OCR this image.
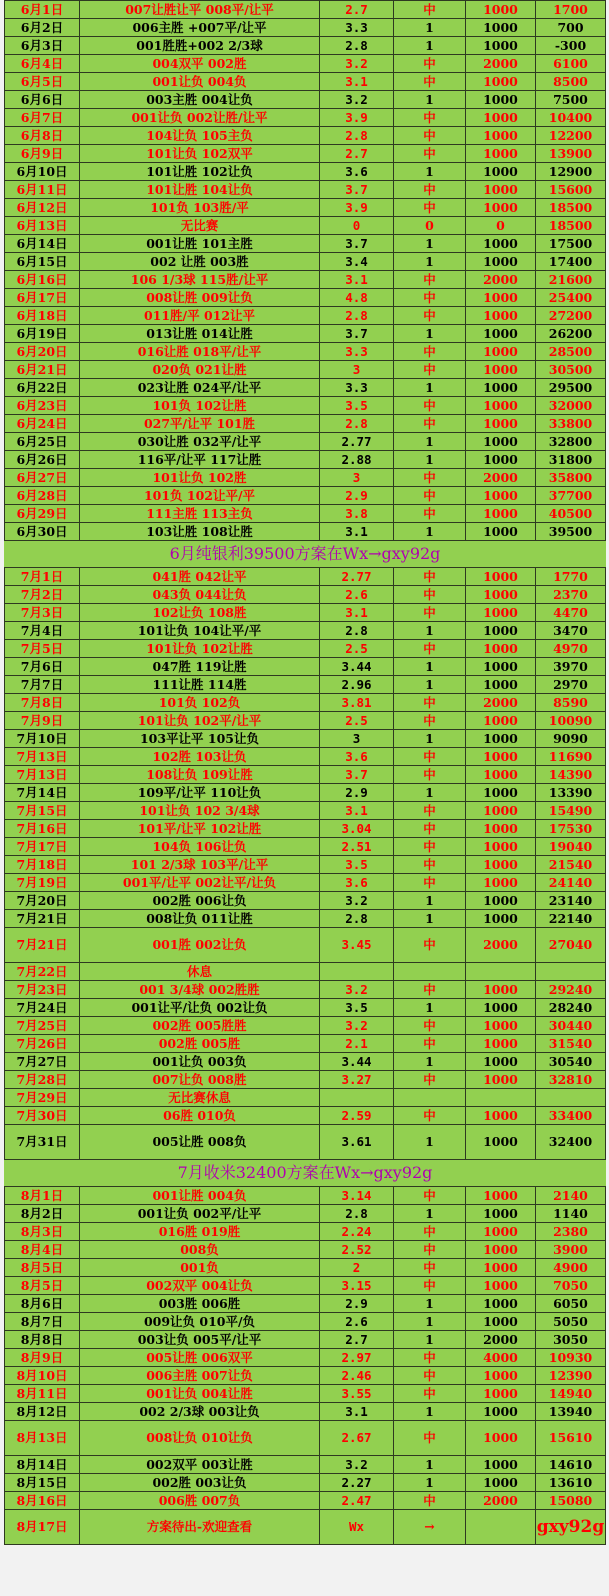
6月1日	007让胜让平 008平/让平	2.7	中	1000	1700
6月2日	006主胜 +007平/让平	3.3	1	1000	700
6月3日	001胜胜+002 2/3球	2.8	1	1000	-300
6月4日	004双平 002胜	3.2	中	2000	6100
6月5日	001让负 004负	3.1	中	1000	8500
6月6日	003主胜 004让负	3.2	1	1000	7500
6月7日	001让负 002让胜/让平	3.9	中	1000	10400
6月8日	104让负 105主负	2.8	中	1000	12200
6月9日	101让负 102双平	2.7	中	1000	13900
6月10日	101让胜 102让负	3.6	1	1000	12900
6月11日	101让胜 104让负	3.7	中	1000	15600
6月12日	101负 103胜/平	3.9	中	1000	18500
6月13日	无比赛	0	0	0	18500
6月14日	001让胜 101主胜	3.7	1	1000	17500
6月15日	002 让胜 003胜	3.4	1	1000	17400
6月16日	106 1/3球 115胜/让平	3.1	中	2000	21600
6月17日	008让胜 009让负	4.8	中	1000	25400
6月18日	011胜/平 012让平	2.8	中	1000	27200
6月19日	013让胜 014让胜	3.7	1	1000	26200
6月20日	016让胜 018平/让平	3.3	中	1000	28500
6月21日	020负 021让胜	3	中	1000	30500
6月22日	023让胜 024平/让平	3.3	1	1000	29500
6月23日	101负 102让胜	3.5	中	1000	32000
6月24日	027平/让平 101胜	2.8	中	1000	33800
6月25日	030让胜 032平/让平	2.77	1	1000	32800
6月26日	116平/让平 117让胜	2.88	1	1000	31800
6月27日	101让负 102胜	3	中	2000	35800
6月28日	101负 102让平/平	2.9	中	1000	37700
6月29日	111主胜 113主负	3.8	中	1000	40500
6月30日	103让胜 108让胜	3.1	1	1000	39500
6月纯银利39500方案在Wx→gxy92g					
7月1日	041胜 042让平	2.77	中	1000	1770
7月2日	043负 044让负	2.6	中	1000	2370
7月3日	102让负 108胜	3.1	中	1000	4470
7月4日	101让负 104让平/平	2.8	1	1000	3470
7月5日	101让负 102让胜	2.5	中	1000	4970
7月6日	047胜 119让胜	3.44	1	1000	3970
7月7日	111让胜 114胜	2.96	1	1000	2970
7月8日	101负 102负	3.81	中	2000	8590
7月9日	101让负 102平/让平	2.5	中	1000	10090
7月10日	103平让平 105让负	3	1	1000	9090
7月13日	102胜 103让负	3.6	中	1000	11690
7月13日	108让负 109让胜	3.7	中	1000	14390
7月14日	109平/让平 110让负	2.9	1	1000	13390
7月15日	101让负 102 3/4球	3.1	中	1000	15490
7月16日	101平/让平 102让胜	3.04	中	1000	17530
7月17日	104负 106让负	2.51	中	1000	19040
7月18日	101 2/3球 103平/让平	3.5	中	1000	21540
7月19日	001平/让平 002让平/让负	3.6	中	1000	24140
7月20日	002胜 006让负	3.2	1	1000	23140
7月21日	008让负 011让胜	2.8	1	1000	22140
7月21日	001胜 002让负	3.45	中	2000	27040
7月22日	休息				
7月23日	001 3/4球 002胜胜	3.2	中	1000	29240
7月24日	001让平/让负 002让负	3.5	1	1000	28240
7月25日	002胜 005胜胜	3.2	中	1000	30440
7月26日	002胜 005胜	2.1	中	1000	31540
7月27日	001让负 003负	3.44	1	1000	30540
7月28日	007让负 008胜	3.27	中	1000	32810
7月29日	无比赛休息				
7月30日	06胜 010负	2.59	中	1000	33400
7月31日	005让胜 008负	3.61	1	1000	32400
7月收米32400方案在Wx→gxy92g					
8月1日	001让胜 004负	3.14	中	1000	2140
8月2日	001让负 002平/让平	2.8	1	1000	1140
8月3日	016胜 019胜	2.24	中	1000	2380
8月4日	008负	2.52	中	1000	3900
8月5日	001负	2	中	1000	4900
8月5日	002双平 004让负	3.15	中	1000	7050
8月6日	003胜 006胜	2.9	1	1000	6050
8月7日	009让负 010平/负	2.6	1	1000	5050
8月8日	003让负 005平/让平	2.7	1	2000	3050
8月9日	005让胜 006双平	2.97	中	4000	10930
8月10日	006主胜 007让负	2.46	中	1000	12390
8月11日	001让负 004让胜	3.55	中	1000	14940
8月12日	002 2/3球 003让负	3.1	1	1000	13940
8月13日	008让负 010让负	2.67	中	1000	15610
8月14日	002双平 003让胜	3.2	1	1000	14610
8月15日	002胜 003让负	2.27	1	1000	13610
8月16日	006胜 007负	2.47	中	2000	15080
8月17日	方案待出-欢迎查看	Wx	→		gxy92g
